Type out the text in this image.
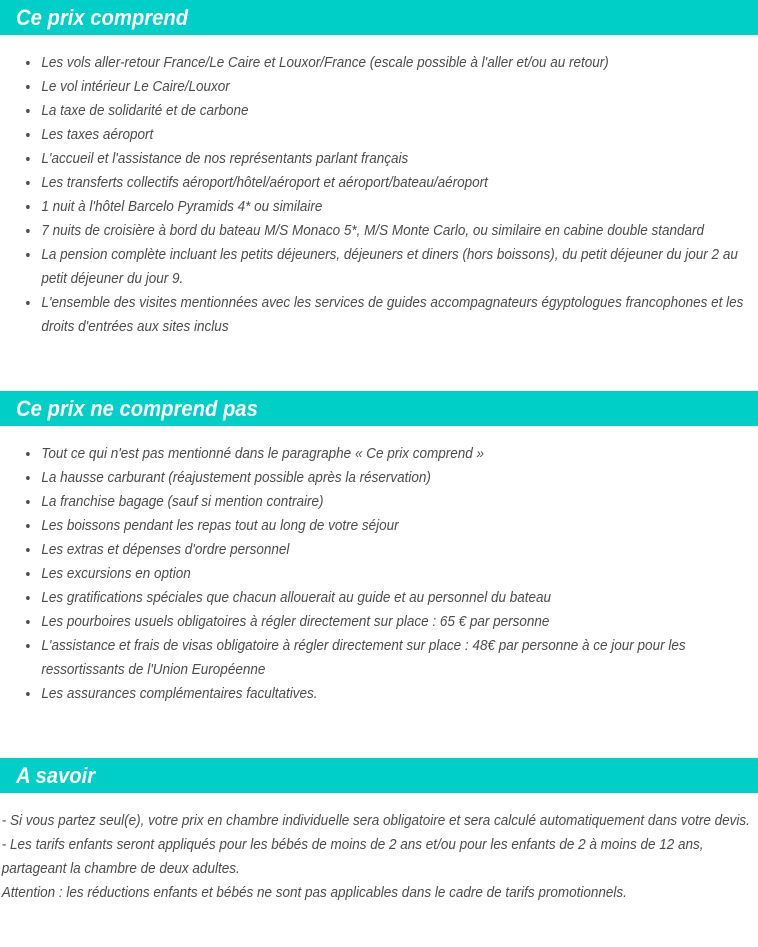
Ce prix comprend
• Les vols aller-retour France/Le Caire et Louxor/France (escale possible à l'aller et/ou au retour)
• Le vol intérieur Le Caire/Louxor
• La taxe de solidarité et de carbone
• Les taxes aéroport
• L'accueil et l'assistance de nos représentants parlant français
• Les transferts collectifs aéroport/hôtel/aéroport et aéroport/bateau/aéroport
• 1 nuit à l'hôtel Barcelo Pyramids 4* ou similaire
• 7 nuits de croisière à bord du bateau M/S Monaco 5*, M/S Monte Carlo, ou similaire en cabine double standard
• La pension complète incluant les petits déjeuners, déjeuners et diners (hors boissons), du petit déjeuner du jour 2 au petit déjeuner du jour 9.
• L'ensemble des visites mentionnées avec les services de guides accompagnateurs égyptologues francophones et les droits d'entrées aux sites inclus
Ce prix ne comprend pas
• Tout ce qui n'est pas mentionné dans le paragraphe « Ce prix comprend »
• La hausse carburant (réajustement possible après la réservation)
• La franchise bagage (sauf si mention contraire)
• Les boissons pendant les repas tout au long de votre séjour
• Les extras et dépenses d'ordre personnel
• Les excursions en option
• Les gratifications spéciales que chacun allouerait au guide et au personnel du bateau
• Les pourboires usuels obligatoires à régler directement sur place : 65 € par personne
• L'assistance et frais de visas obligatoire à régler directement sur place : 48€ par personne à ce jour pour les ressortissants de l'Union Européenne
• Les assurances complémentaires facultatives.
A savoir

- Si vous partez seul(e), votre prix en chambre individuelle sera obligatoire et sera calculé automatiquement dans votre devis.

- Les tarifs enfants seront appliqués pour les bébés de moins de 2 ans et/ou pour les enfants de 2 à moins de 12 ans, partageant la chambre de deux adultes.

Attention : les réductions enfants et bébés ne sont pas applicables dans le cadre de tarifs promotionnels.
